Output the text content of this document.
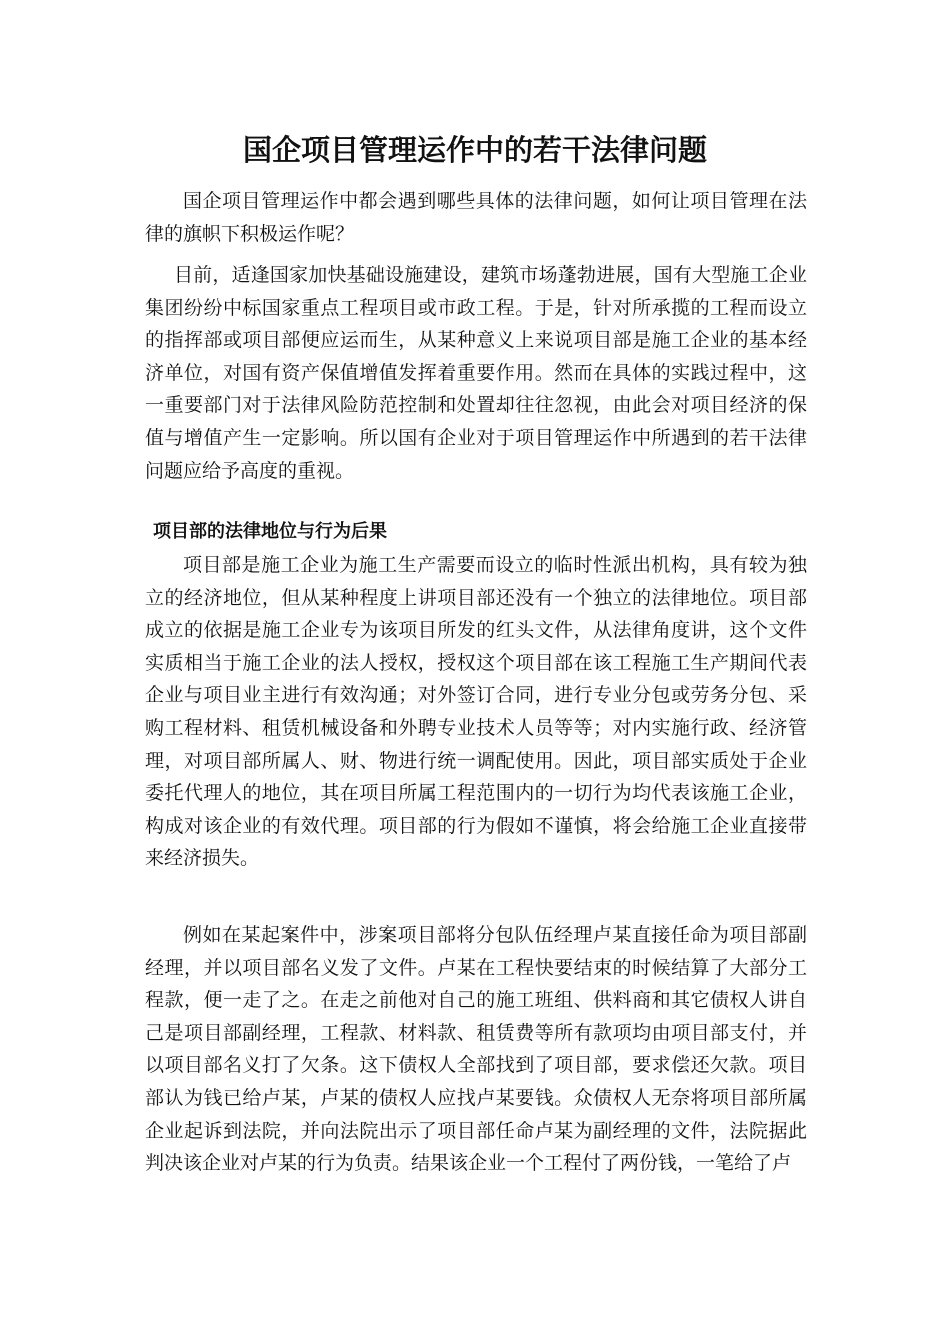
国企项目管理运作中的若干法律问题

国企项目管理运作中都会遇到哪些具体的法律问题，如何让项目管理在法律的旗帜下积极运作呢？

目前，适逢国家加快基础设施建设，建筑市场蓬勃进展，国有大型施工企业集团纷纷中标国家重点工程项目或市政工程。于是，针对所承揽的工程而设立的指挥部或项目部便应运而生，从某种意义上来说项目部是施工企业的基本经济单位，对国有资产保值增值发挥着重要作用。然而在具体的实践过程中，这一重要部门对于法律风险防范控制和处置却往往忽视，由此会对项目经济的保值与增值产生一定影响。所以国有企业对于项目管理运作中所遇到的若干法律问题应给予高度的重视。

项目部的法律地位与行为后果

项目部是施工企业为施工生产需要而设立的临时性派出机构，具有较为独立的经济地位，但从某种程度上讲项目部还没有一个独立的法律地位。项目部成立的依据是施工企业专为该项目所发的红头文件，从法律角度讲，这个文件实质相当于施工企业的法人授权，授权这个项目部在该工程施工生产期间代表企业与项目业主进行有效沟通；对外签订合同，进行专业分包或劳务分包、采购工程材料、租赁机械设备和外聘专业技术人员等等；对内实施行政、经济管理，对项目部所属人、财、物进行统一调配使用。因此，项目部实质处于企业委托代理人的地位，其在项目所属工程范围内的一切行为均代表该施工企业，构成对该企业的有效代理。项目部的行为假如不谨慎，将会给施工企业直接带来经济损失。

例如在某起案件中，涉案项目部将分包队伍经理卢某直接任命为项目部副经理，并以项目部名义发了文件。卢某在工程快要结束的时候结算了大部分工程款，便一走了之。在走之前他对自己的施工班组、供料商和其它债权人讲自己是项目部副经理，工程款、材料款、租赁费等所有款项均由项目部支付，并以项目部名义打了欠条。这下债权人全部找到了项目部，要求偿还欠款。项目部认为钱已给卢某，卢某的债权人应找卢某要钱。众债权人无奈将项目部所属企业起诉到法院，并向法院出示了项目部任命卢某为副经理的文件，法院据此判决该企业对卢某的行为负责。结果该企业一个工程付了两份钱，一笔给了卢
